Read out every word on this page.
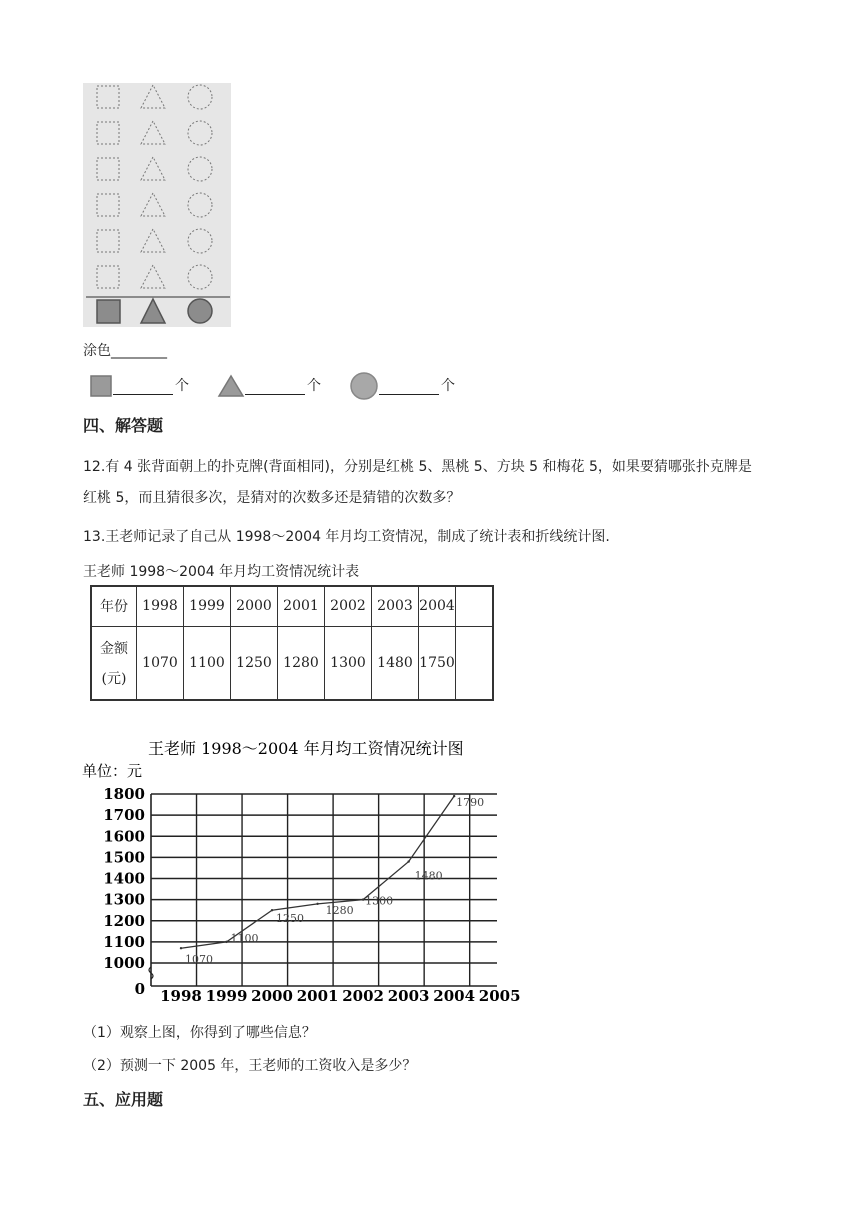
涂色________
个	个	个
四、解答题
12.有 4 张背面朝上的扑克牌(背面相同)，分别是红桃 5、黑桃 5、方块 5 和梅花 5，如果要猜哪张扑克牌是
红桃 5，而且猜很多次，是猜对的次数多还是猜错的次数多？
13.王老师记录了自己从 1998～2004 年月均工资情况，制成了统计表和折线统计图.
王老师 1998～2004 年月均工资情况统计表
年份	1998	1999	2000	2001	2002	2003	2004	

金额
(元)	1070	1100	1250	1280	1300	1480	1750	
王老师 1998～2004 年月均工资情况统计图
单位：元
0
1000
1100
1200
1300
1400
1500
1600
1700
1800
1998 1999 2000 2001 2002 2003 2004 2005
1070
1100
1250
1280
1300
1480
1790
（1）观察上图，你得到了哪些信息？
（2）预测一下 2005 年，王老师的工资收入是多少？
五、应用题
